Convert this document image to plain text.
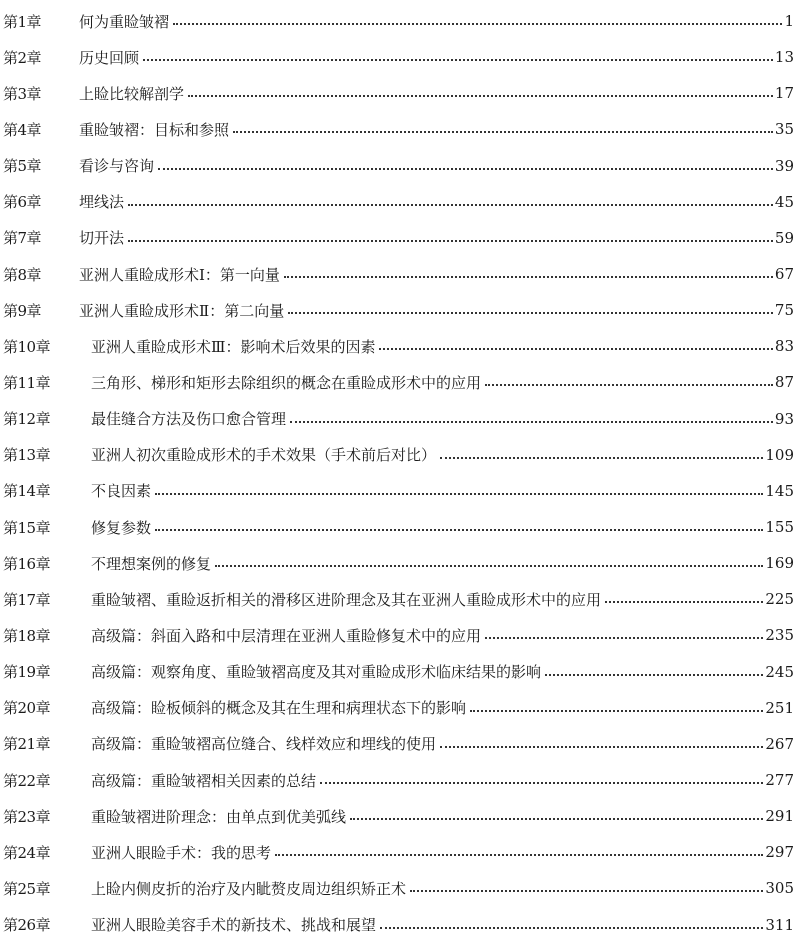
第1章	何为重睑皱褶	1
第2章	历史回顾	13
第3章	上睑比较解剖学	17
第4章	重睑皱褶：目标和参照	35
第5章	看诊与咨询	39
第6章	埋线法	45
第7章	切开法	59
第8章	亚洲人重睑成形术Ⅰ：第一向量	67
第9章	亚洲人重睑成形术Ⅱ：第二向量	75
第10章	亚洲人重睑成形术Ⅲ：影响术后效果的因素	83
第11章	三角形、梯形和矩形去除组织的概念在重睑成形术中的应用	87
第12章	最佳缝合方法及伤口愈合管理	93
第13章	亚洲人初次重睑成形术的手术效果（手术前后对比）	109
第14章	不良因素	145
第15章	修复参数	155
第16章	不理想案例的修复	169
第17章	重睑皱褶、重睑返折相关的滑移区进阶理念及其在亚洲人重睑成形术中的应用	225
第18章	高级篇：斜面入路和中层清理在亚洲人重睑修复术中的应用	235
第19章	高级篇：观察角度、重睑皱褶高度及其对重睑成形术临床结果的影响	245
第20章	高级篇：睑板倾斜的概念及其在生理和病理状态下的影响	251
第21章	高级篇：重睑皱褶高位缝合、线样效应和埋线的使用	267
第22章	高级篇：重睑皱褶相关因素的总结	277
第23章	重睑皱褶进阶理念：由单点到优美弧线	291
第24章	亚洲人眼睑手术：我的思考	297
第25章	上睑内侧皮折的治疗及内眦赘皮周边组织矫正术	305
第26章	亚洲人眼睑美容手术的新技术、挑战和展望	311
